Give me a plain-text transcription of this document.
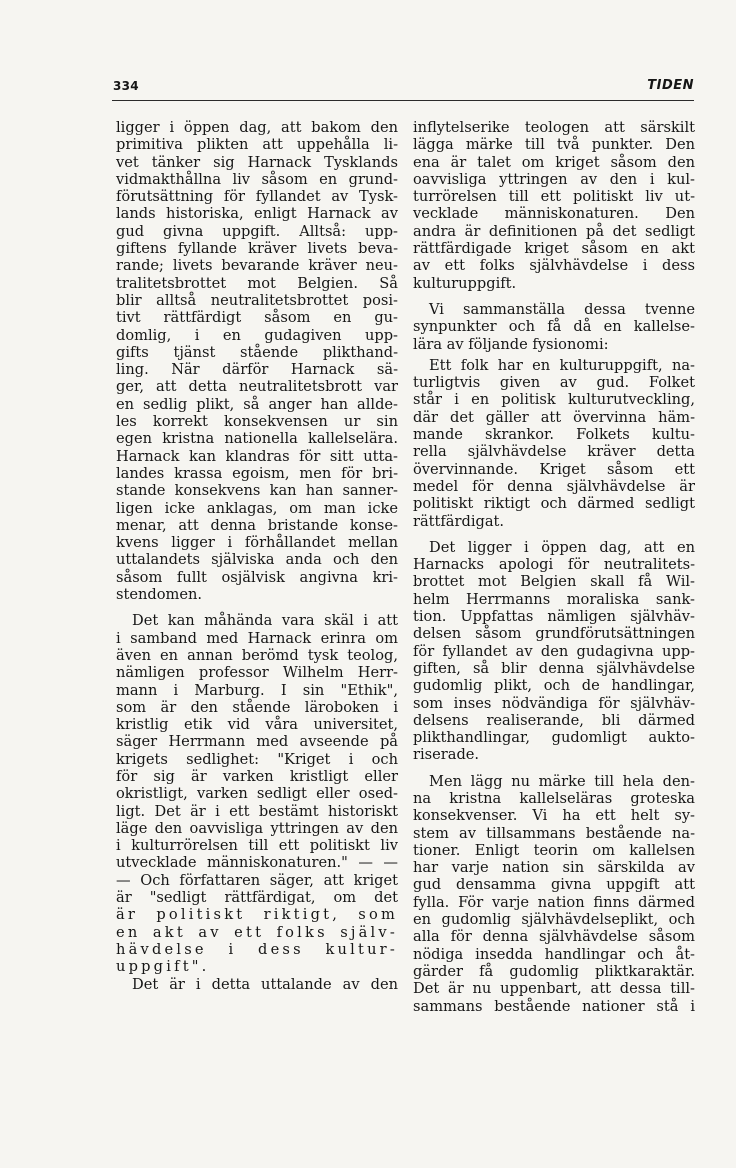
334	TIDEN
ligger i öppen dag, att bakom den
primitiva plikten att uppehålla li-
vet tänker sig Harnack Tysklands
vidmakthållna liv såsom en grund-
förutsättning för fyllandet av Tysk-
lands historiska, enligt Harnack av
gud givna uppgift. Alltså: upp-
giftens fyllande kräver livets beva-
rande; livets bevarande kräver neu-
tralitetsbrottet mot Belgien. Så
blir alltså neutralitetsbrottet posi-
tivt rättfärdigt såsom en gu-
domlig, i en gudagiven upp-
gifts tjänst stående plikthand-
ling. När därför Harnack sä-
ger, att detta neutralitetsbrott var
en sedlig plikt, så anger han allde-
les korrekt konsekvensen ur sin
egen kristna nationella kallelselära.
Harnack kan klandras för sitt utta-
landes krassa egoism, men för bri-
stande konsekvens kan han sanner-
ligen icke anklagas, om man icke
menar, att denna bristande konse-
kvens ligger i förhållandet mellan
uttalandets själviska anda och den
såsom fullt osjälvisk angivna kri-
stendomen.
Det kan måhända vara skäl i att
i samband med Harnack erinra om
även en annan berömd tysk teolog,
nämligen professor Wilhelm Herr-
mann i Marburg. I sin "Ethik",
som är den stående läroboken i
kristlig etik vid våra universitet,
säger Herrmann med avseende på
krigets sedlighet: "Kriget i och
för sig är varken kristligt eller
okristligt, varken sedligt eller osed-
ligt. Det är i ett bestämt historiskt
läge den oavvisliga yttringen av den
i kulturrörelsen till ett politiskt liv
utvecklade människonaturen." — —
— Och författaren säger, att kriget
är "sedligt rättfärdigat, om det
är politiskt riktigt, som
en akt av ett folks själv-
hävdelse i dess kultur-
uppgift".
Det är i detta uttalande av den
inflytelserike teologen att särskilt
lägga märke till två punkter. Den
ena är talet om kriget såsom den
oavvisliga yttringen av den i kul-
turrörelsen till ett politiskt liv ut-
vecklade människonaturen. Den
andra är definitionen på det sedligt
rättfärdigade kriget såsom en akt
av ett folks självhävdelse i dess
kulturuppgift.
Vi sammanställa dessa tvenne
synpunkter och få då en kallelse-
lära av följande fysionomi:
Ett folk har en kulturuppgift, na-
turligtvis given av gud. Folket
står i en politisk kulturutveckling,
där det gäller att övervinna häm-
mande skrankor. Folkets kultu-
rella självhävdelse kräver detta
övervinnande. Kriget såsom ett
medel för denna självhävdelse är
politiskt riktigt och därmed sedligt
rättfärdigat.
Det ligger i öppen dag, att en
Harnacks apologi för neutralitets-
brottet mot Belgien skall få Wil-
helm Herrmanns moraliska sank-
tion. Uppfattas nämligen självhäv-
delsen såsom grundförutsättningen
för fyllandet av den gudagivna upp-
giften, så blir denna självhävdelse
gudomlig plikt, och de handlingar,
som inses nödvändiga för självhäv-
delsens realiserande, bli därmed
plikthandlingar, gudomligt aukto-
riserade.
Men lägg nu märke till hela den-
na kristna kallelseläras groteska
konsekvenser. Vi ha ett helt sy-
stem av tillsammans bestående na-
tioner. Enligt teorin om kallelsen
har varje nation sin särskilda av
gud densamma givna uppgift att
fylla. För varje nation finns därmed
en gudomlig självhävdelseplikt, och
alla för denna självhävdelse såsom
nödiga insedda handlingar och åt-
gärder få gudomlig pliktkaraktär.
Det är nu uppenbart, att dessa till-
sammans bestående nationer stå i
